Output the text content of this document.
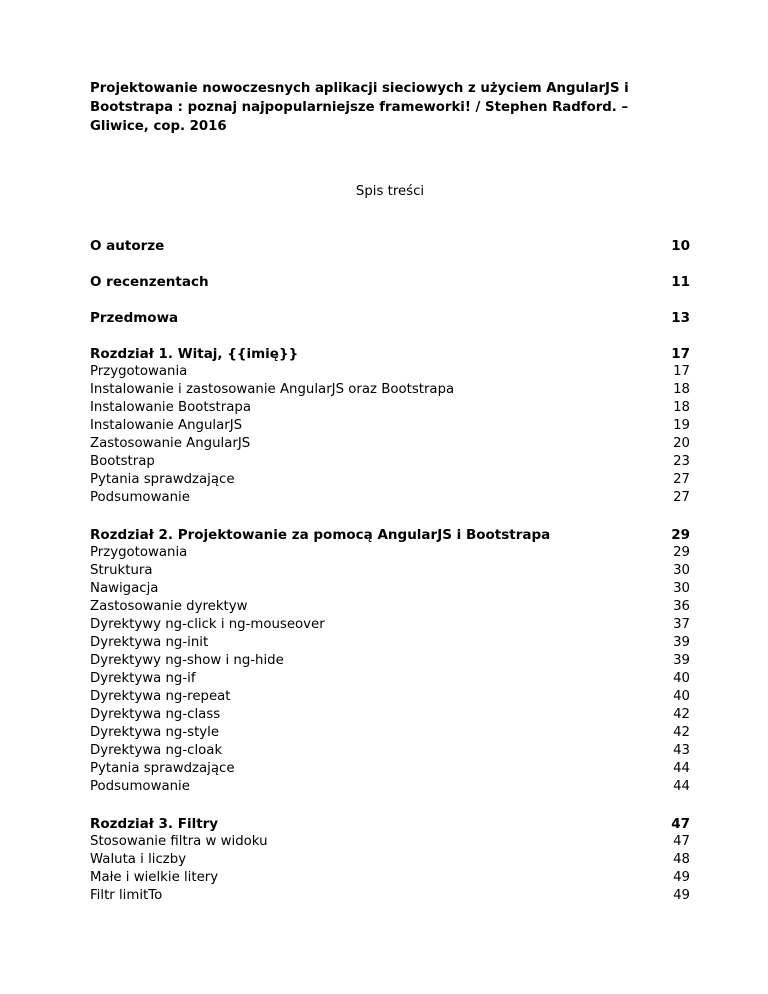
Projektowanie nowoczesnych aplikacji sieciowych z użyciem AngularJS i
Bootstrapa : poznaj najpopularniejsze frameworki! / Stephen Radford. –
Gliwice, cop. 2016
Spis treści
O autorze	10
O recenzentach	11
Przedmowa	13
Rozdział 1. Witaj, {{imię}}	17
Przygotowania	17
Instalowanie i zastosowanie AngularJS oraz Bootstrapa	18
Instalowanie Bootstrapa	18
Instalowanie AngularJS	19
Zastosowanie AngularJS	20
Bootstrap	23
Pytania sprawdzające	27
Podsumowanie	27
Rozdział 2. Projektowanie za pomocą AngularJS i Bootstrapa	29
Przygotowania	29
Struktura	30
Nawigacja	30
Zastosowanie dyrektyw	36
Dyrektywy ng-click i ng-mouseover	37
Dyrektywa ng-init	39
Dyrektywy ng-show i ng-hide	39
Dyrektywa ng-if	40
Dyrektywa ng-repeat	40
Dyrektywa ng-class	42
Dyrektywa ng-style	42
Dyrektywa ng-cloak	43
Pytania sprawdzające	44
Podsumowanie	44
Rozdział 3. Filtry	47
Stosowanie filtra w widoku	47
Waluta i liczby	48
Małe i wielkie litery	49
Filtr limitTo	49
